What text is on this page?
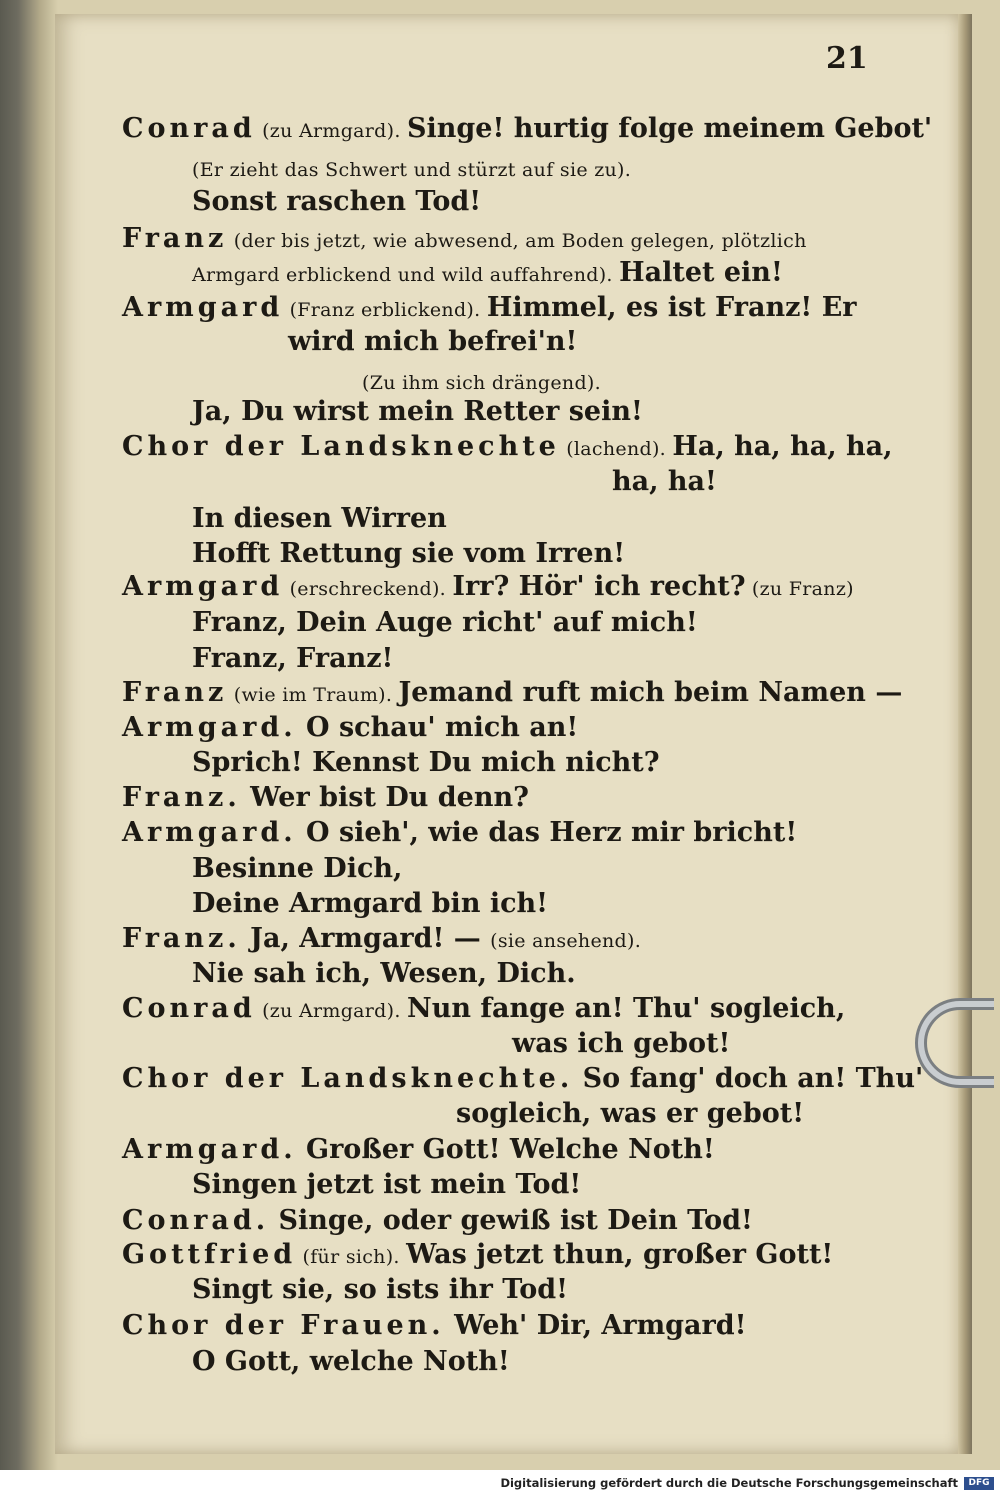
21
Conrad (zu Armgard). Singe! hurtig folge meinem Gebot'
(Er zieht das Schwert und stürzt auf sie zu).
Sonst raschen Tod!
Franz (der bis jetzt, wie abwesend, am Boden gelegen, plötzlich
Armgard erblickend und wild auffahrend). Haltet ein!
Armgard (Franz erblickend). Himmel, es ist Franz! Er
wird mich befrei'n!
(Zu ihm sich drängend).
Ja, Du wirst mein Retter sein!
Chor der Landsknechte (lachend). Ha, ha, ha, ha,
ha, ha!
In diesen Wirren
Hofft Rettung sie vom Irren!
Armgard (erschreckend). Irr? Hör' ich recht? (zu Franz)
Franz, Dein Auge richt' auf mich!
Franz, Franz!
Franz (wie im Traum). Jemand ruft mich beim Namen —
Armgard. O schau' mich an!
Sprich! Kennst Du mich nicht?
Franz. Wer bist Du denn?
Armgard. O sieh', wie das Herz mir bricht!
Besinne Dich,
Deine Armgard bin ich!
Franz. Ja, Armgard! — (sie ansehend).
Nie sah ich, Wesen, Dich.
Conrad (zu Armgard). Nun fange an! Thu' sogleich,
was ich gebot!
Chor der Landsknechte. So fang' doch an! Thu'
sogleich, was er gebot!
Armgard. Großer Gott! Welche Noth!
Singen jetzt ist mein Tod!
Conrad. Singe, oder gewiß ist Dein Tod!
Gottfried (für sich). Was jetzt thun, großer Gott!
Singt sie, so ists ihr Tod!
Chor der Frauen. Weh' Dir, Armgard!
O Gott, welche Noth!
Digitalisierung gefördert durch die Deutsche Forschungsgemeinschaft	DFG
